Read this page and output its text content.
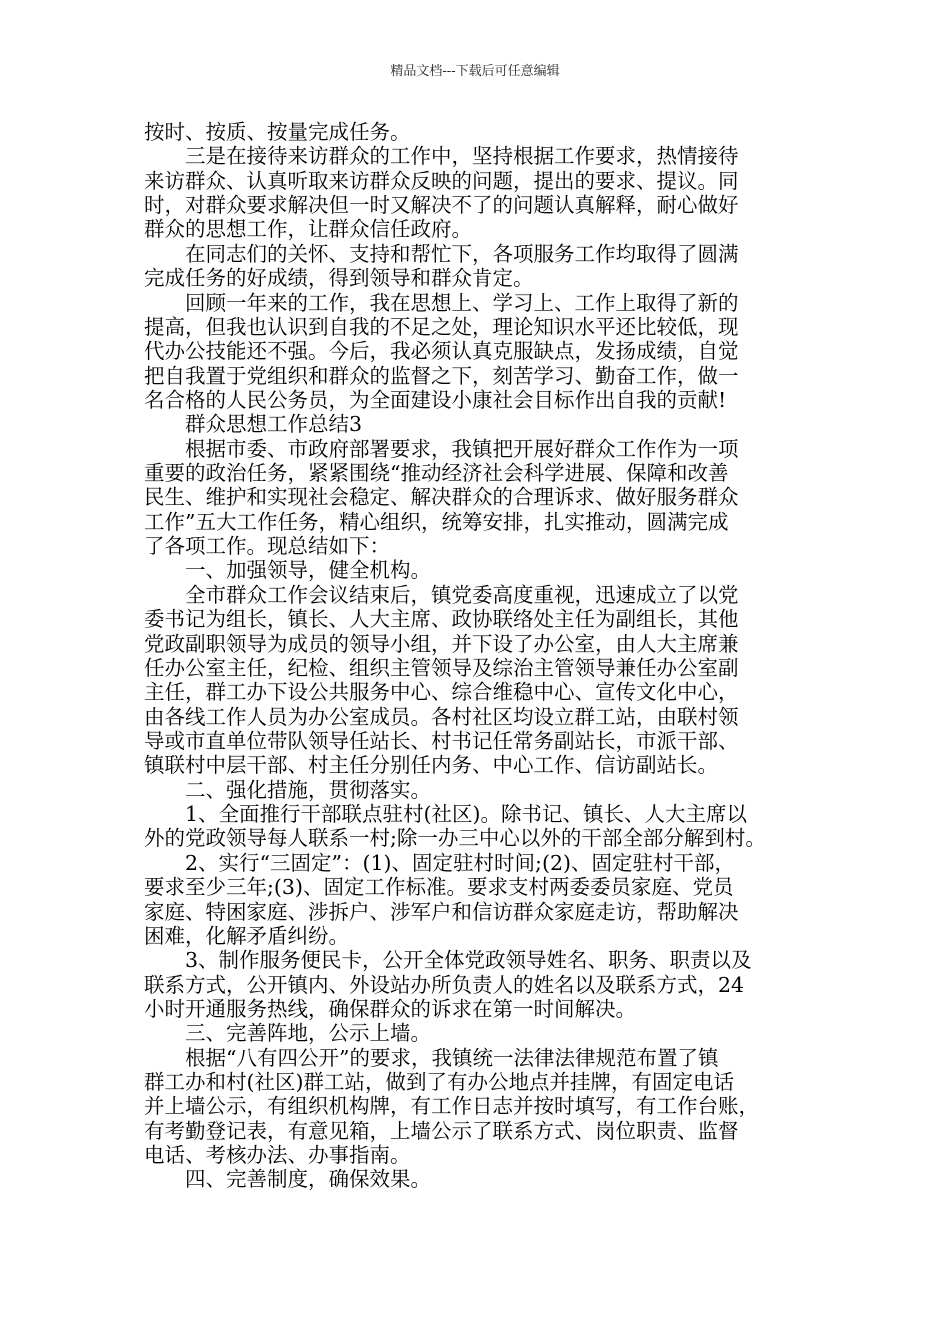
精品文档---下载后可任意编辑
按时、按质、按量完成任务。
　　三是在接待来访群众的工作中，坚持根据工作要求，热情接待
来访群众、认真听取来访群众反映的问题，提出的要求、提议。同
时，对群众要求解决但一时又解决不了的问题认真解释，耐心做好
群众的思想工作，让群众信任政府。
　　在同志们的关怀、支持和帮忙下，各项服务工作均取得了圆满
完成任务的好成绩，得到领导和群众肯定。
　　回顾一年来的工作，我在思想上、学习上、工作上取得了新的
提高，但我也认识到自我的不足之处，理论知识水平还比较低，现
代办公技能还不强。今后，我必须认真克服缺点，发扬成绩，自觉
把自我置于党组织和群众的监督之下，刻苦学习、勤奋工作，做一
名合格的人民公务员，为全面建设小康社会目标作出自我的贡献!
　　群众思想工作总结3
　　根据市委、市政府部署要求，我镇把开展好群众工作作为一项
重要的政治任务，紧紧围绕“推动经济社会科学进展、保障和改善
民生、维护和实现社会稳定、解决群众的合理诉求、做好服务群众
工作”五大工作任务，精心组织，统筹安排，扎实推动，圆满完成
了各项工作。现总结如下：
　　一、加强领导，健全机构。
　　全市群众工作会议结束后，镇党委高度重视，迅速成立了以党
委书记为组长，镇长、人大主席、政协联络处主任为副组长，其他
党政副职领导为成员的领导小组，并下设了办公室，由人大主席兼
任办公室主任，纪检、组织主管领导及综治主管领导兼任办公室副
主任，群工办下设公共服务中心、综合维稳中心、宣传文化中心，
由各线工作人员为办公室成员。各村社区均设立群工站，由联村领
导或市直单位带队领导任站长、村书记任常务副站长，市派干部、
镇联村中层干部、村主任分别任内务、中心工作、信访副站长。
　　二、强化措施，贯彻落实。
　　1、全面推行干部联点驻村(社区)。除书记、镇长、人大主席以
外的党政领导每人联系一村;除一办三中心以外的干部全部分解到村。
　　2、实行“三固定”：(1)、固定驻村时间;(2)、固定驻村干部，
要求至少三年;(3)、固定工作标准。要求支村两委委员家庭、党员
家庭、特困家庭、涉拆户、涉军户和信访群众家庭走访，帮助解决
困难，化解矛盾纠纷。
　　3、制作服务便民卡，公开全体党政领导姓名、职务、职责以及
联系方式，公开镇内、外设站办所负责人的姓名以及联系方式，24
小时开通服务热线，确保群众的诉求在第一时间解决。
　　三、完善阵地，公示上墙。
　　根据“八有四公开”的要求，我镇统一法律法律规范布置了镇
群工办和村(社区)群工站，做到了有办公地点并挂牌，有固定电话
并上墙公示，有组织机构牌，有工作日志并按时填写，有工作台账，
有考勤登记表，有意见箱，上墙公示了联系方式、岗位职责、监督
电话、考核办法、办事指南。
　　四、完善制度，确保效果。
